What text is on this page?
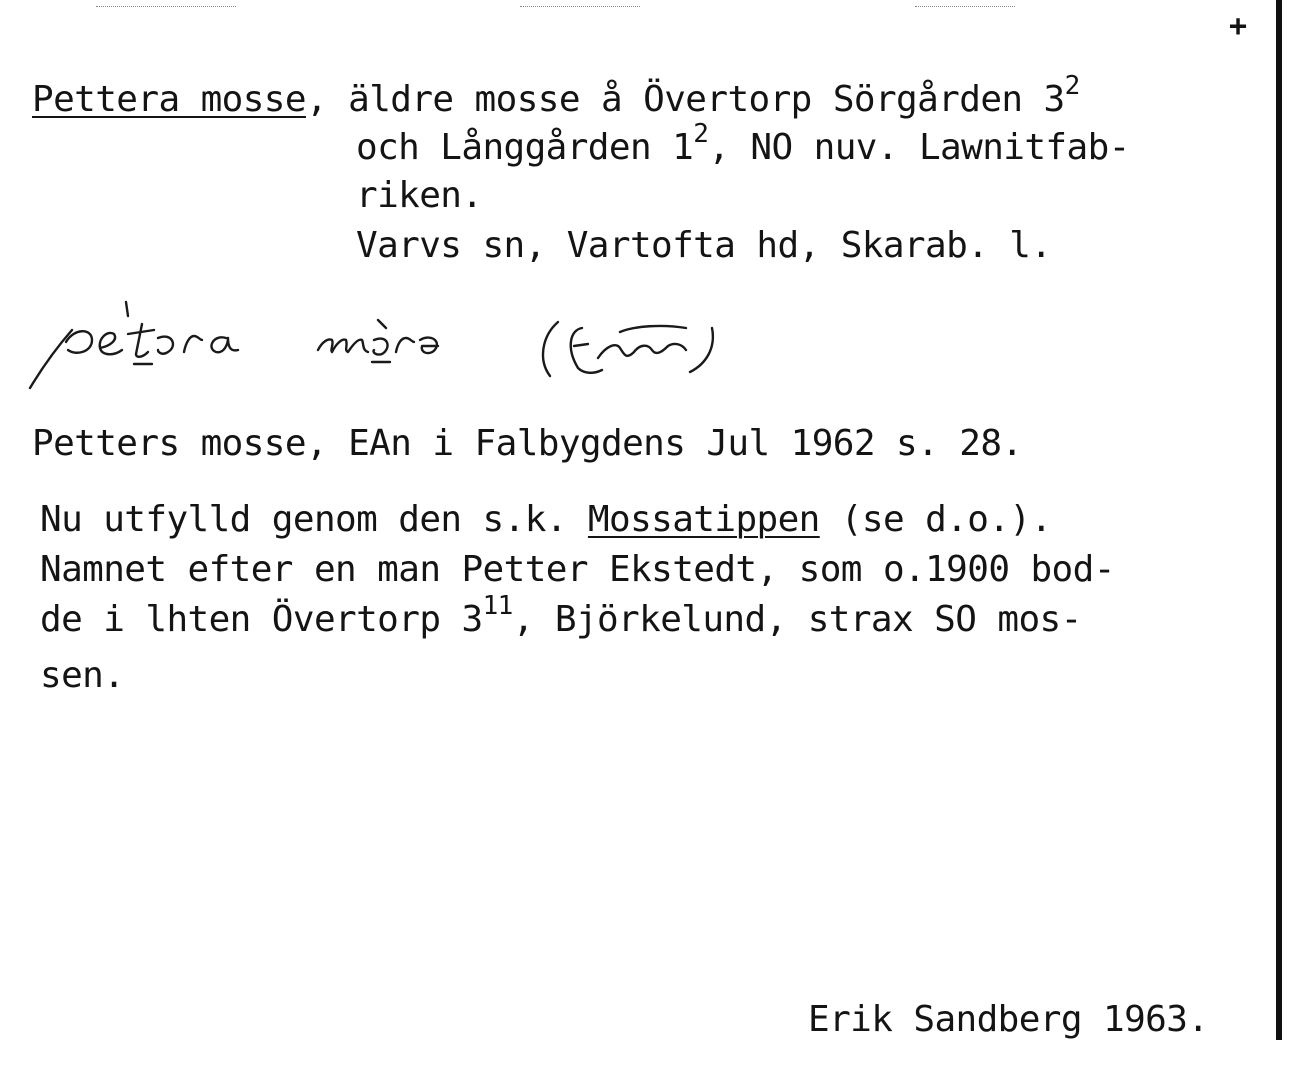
+
Pettera mosse, äldre mosse å Övertorp Sörgården $3^2$
och Långgården $1^2$, NO nuv. Lawnitfab-
riken.
Varvs sn, Vartofta hd, Skarab. l.
Petters mosse, EAn i Falbygdens Jul 1962 s. 28.
Nu utfylld genom den s.k. Mossatippen (se d.o.).
Namnet efter en man Petter Ekstedt, som o.1900 bod-
de i lhten Övertorp $3^{11}$, Björkelund, strax SO mos-
sen.
Erik Sandberg 1963.
